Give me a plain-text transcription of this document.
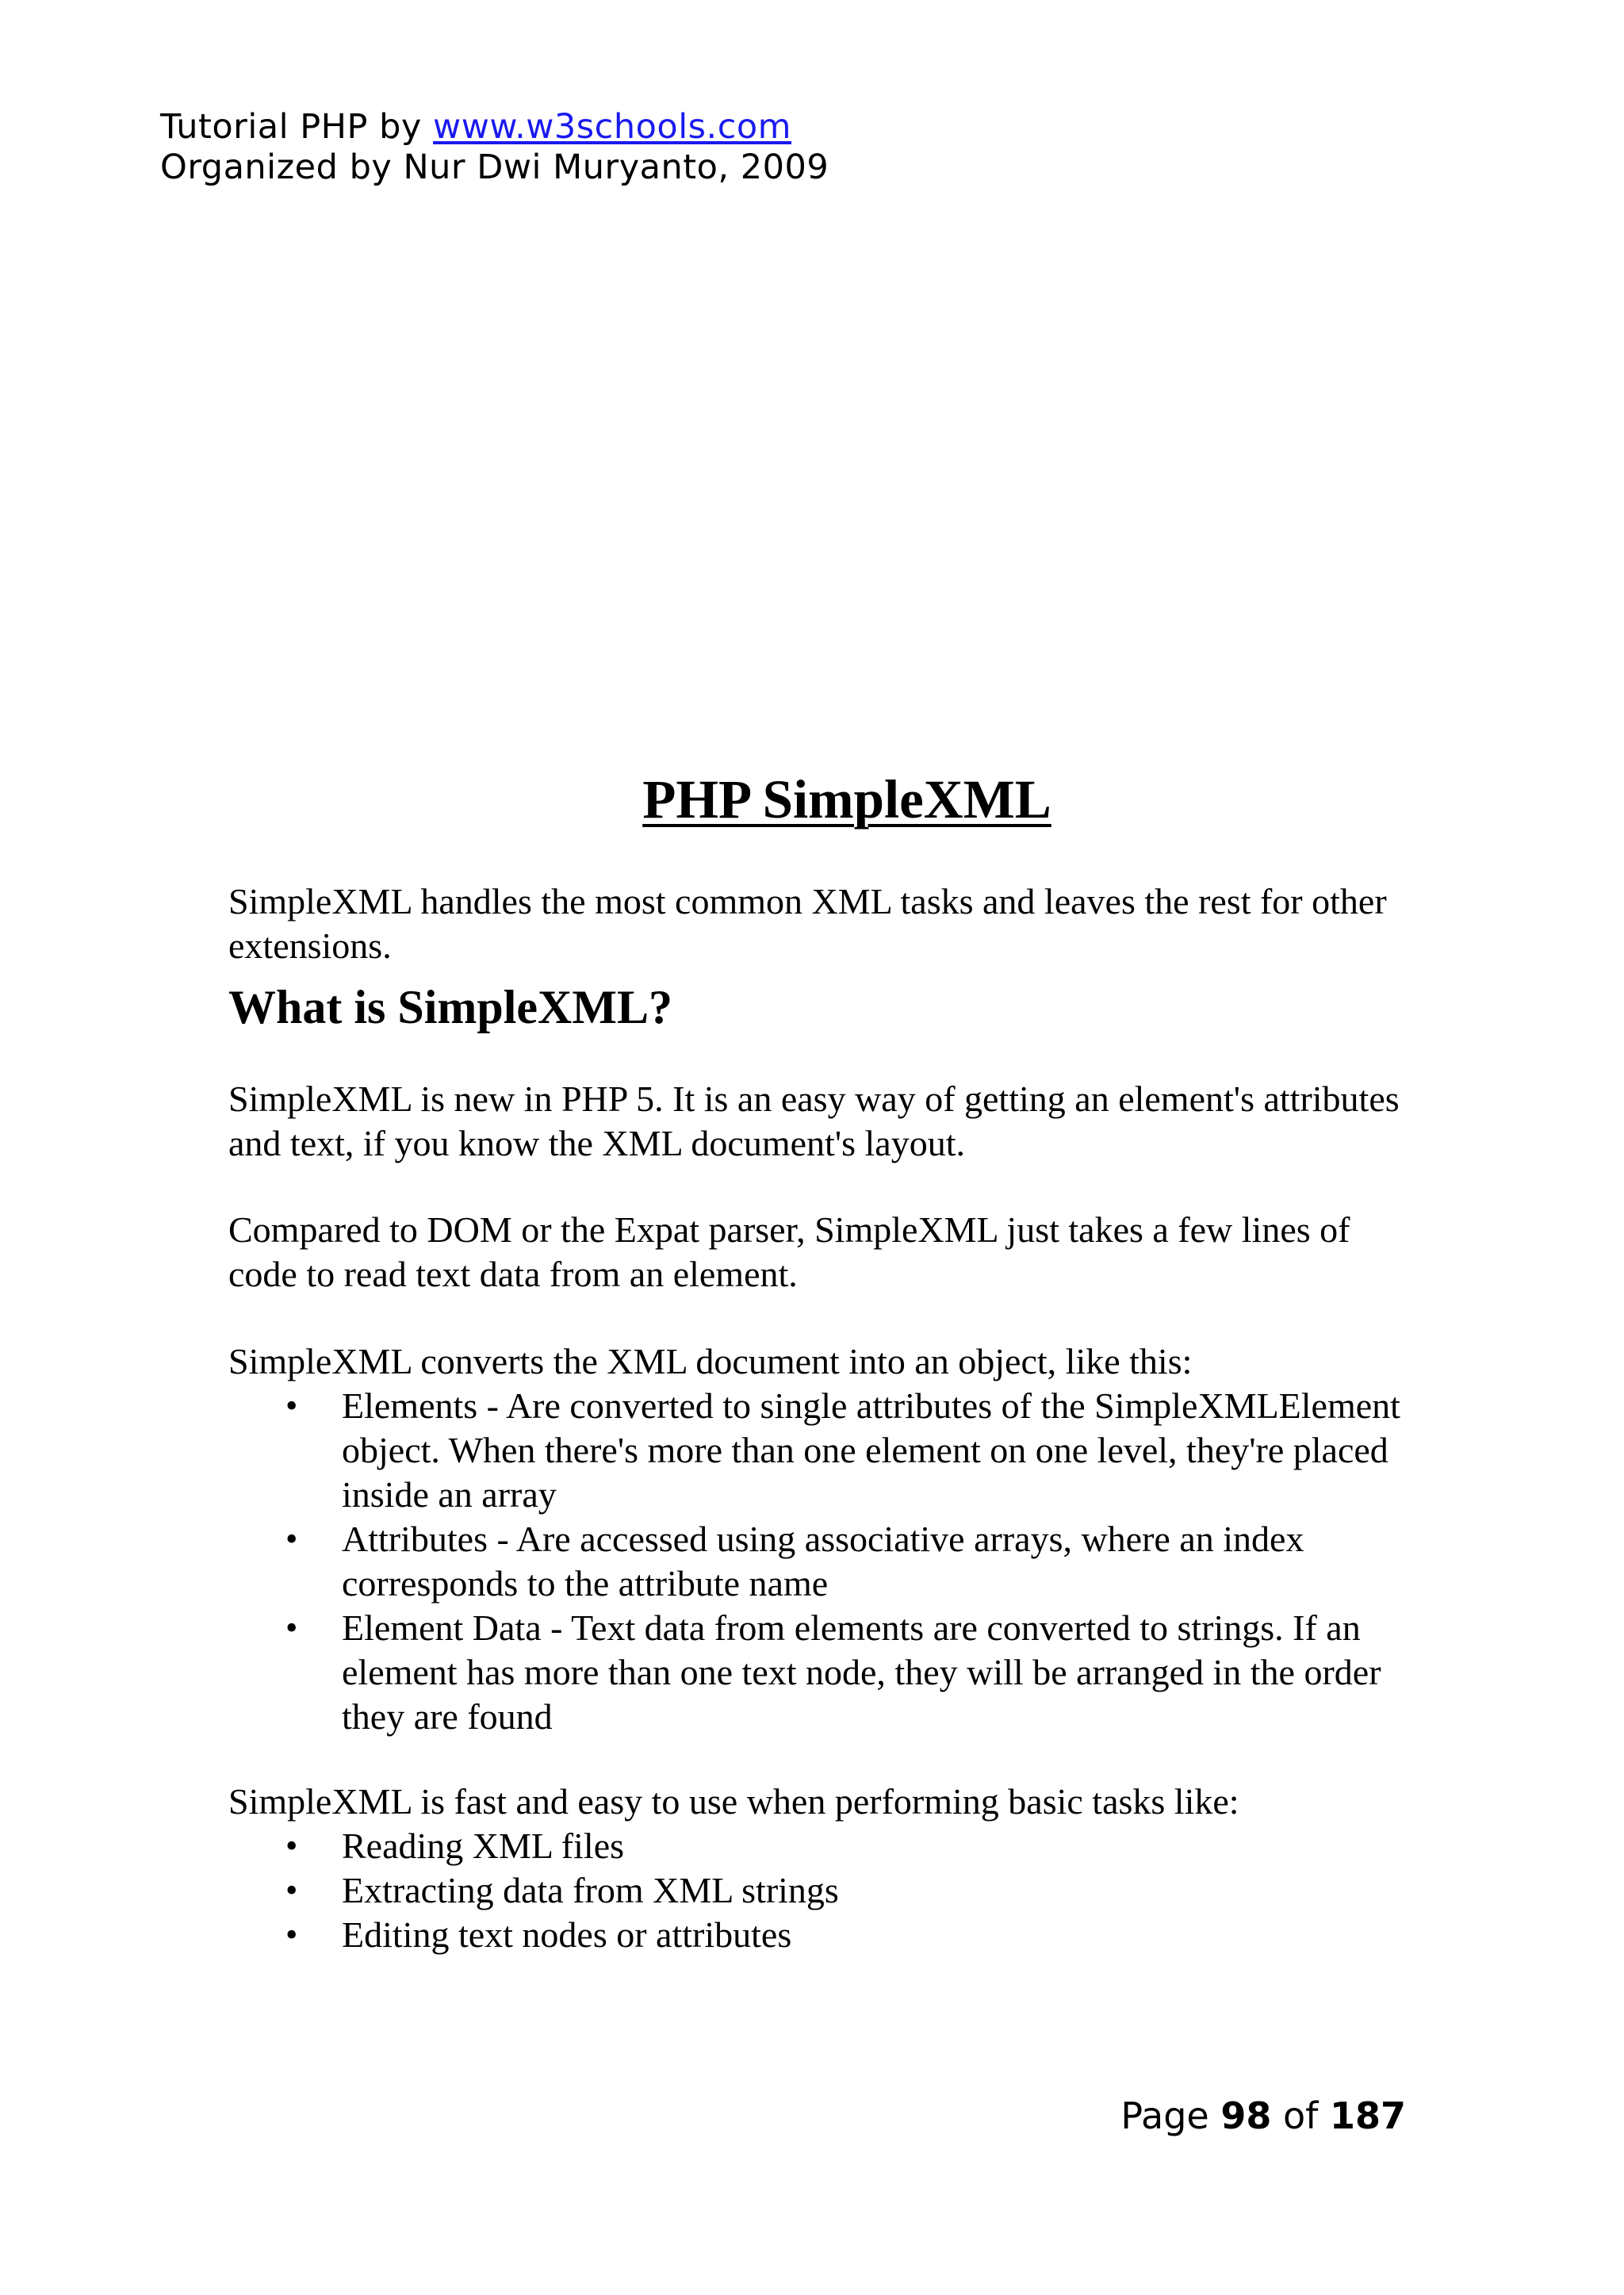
Tutorial PHP by www.w3schools.com
Organized by Nur Dwi Muryanto, 2009
PHP SimpleXML

SimpleXML handles the most common XML tasks and leaves the rest for other extensions.

What is SimpleXML?

SimpleXML is new in PHP 5. It is an easy way of getting an element's attributes and text, if you know the XML document's layout.

Compared to DOM or the Expat parser, SimpleXML just takes a few lines of code to read text data from an element.

SimpleXML converts the XML document into an object, like this:

• Elements - Are converted to single attributes of the SimpleXMLElement object. When there's more than one element on one level, they're placed inside an array
• Attributes - Are accessed using associative arrays, where an index corresponds to the attribute name
• Element Data - Text data from elements are converted to strings. If an element has more than one text node, they will be arranged in the order they are found

SimpleXML is fast and easy to use when performing basic tasks like:

• Reading XML files
• Extracting data from XML strings
• Editing text nodes or attributes
Page 98 of 187
